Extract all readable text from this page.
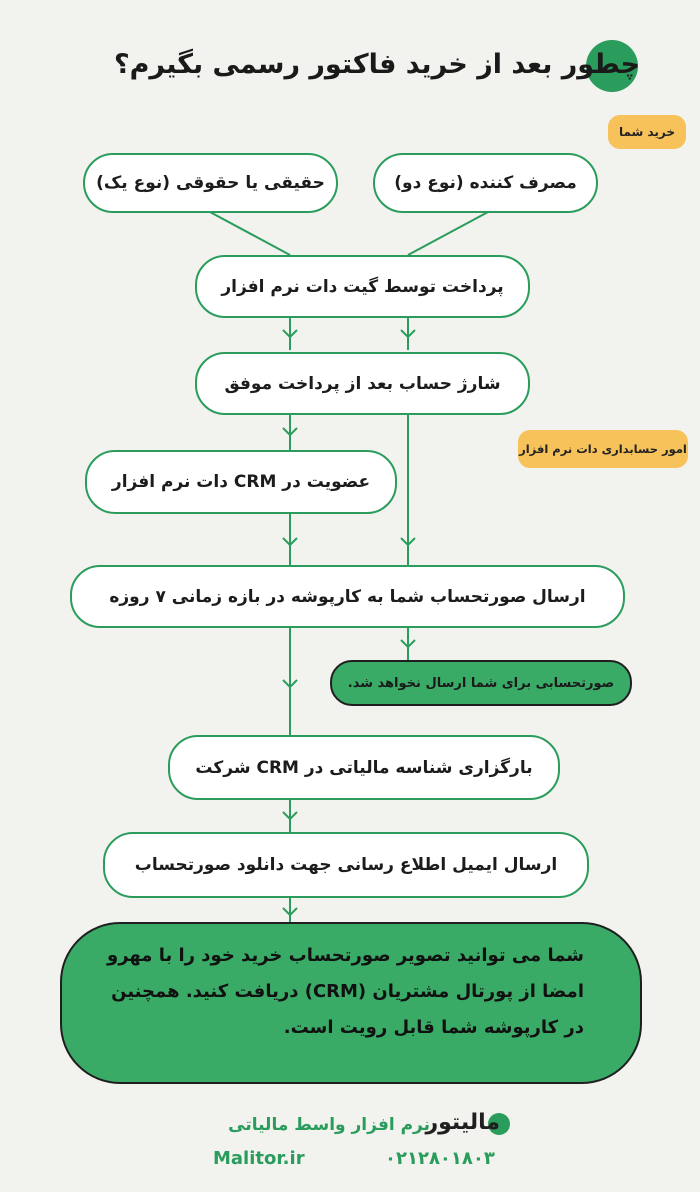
چطور بعد از خرید فاکتور رسمی بگیرم؟
خرید شما
امور حسابداری دات نرم افزار
مصرف کننده (نوع دو)
حقیقی یا حقوقی (نوع یک)
پرداخت توسط گیت دات نرم افزار
شارژ حساب بعد از پرداخت موفق
عضویت در CRM دات نرم افزار
ارسال صورتحساب شما به کارپوشه در بازه زمانی ۷ روزه
صورتحسابی برای شما ارسال نخواهد شد.
بارگزاری شناسه مالیاتی در CRM شرکت
ارسال ایمیل اطلاع رسانی جهت دانلود صورتحساب
شما می توانید تصویر صورتحساب خرید خود را با مهرو امضا از پورتال مشتریان (CRM) دریافت کنید. همچنین در کارپوشه شما قابل رویت است.
مالیتور
نرم افزار واسط مالیاتی
Malitor.ir	۰۲۱۲۸۰۱۸۰۳
